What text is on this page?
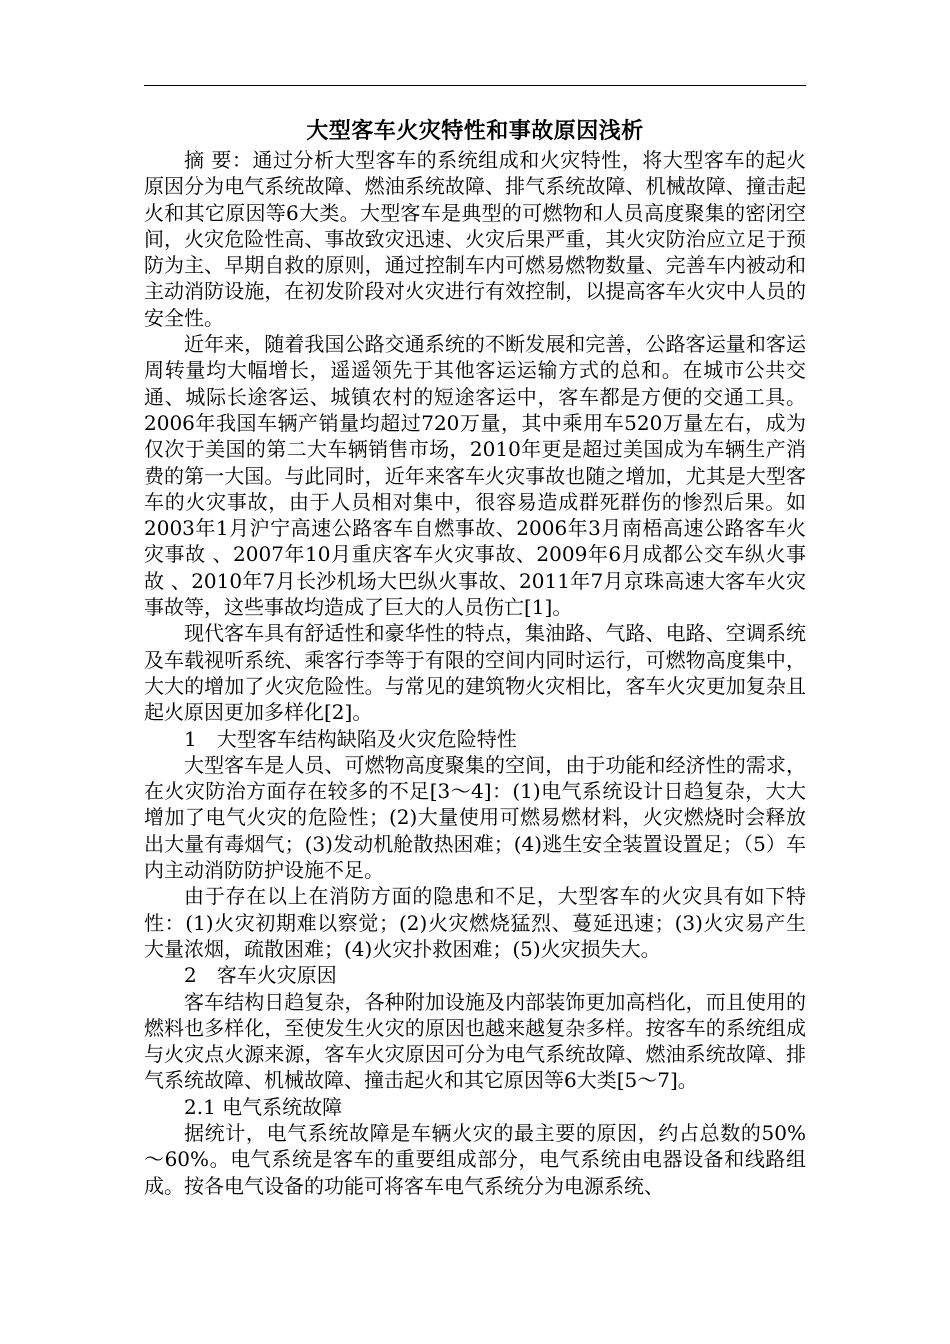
大型客车火灾特性和事故原因浅析

摘 要：通过分析大型客车的系统组成和火灾特性，将大型客车的起火原因分为电气系统故障、燃油系统故障、排气系统故障、机械故障、撞击起火和其它原因等6大类。大型客车是典型的可燃物和人员高度聚集的密闭空间，火灾危险性高、事故致灾迅速、火灾后果严重，其火灾防治应立足于预防为主、早期自救的原则，通过控制车内可燃易燃物数量、完善车内被动和主动消防设施，在初发阶段对火灾进行有效控制，以提高客车火灾中人员的安全性。

近年来，随着我国公路交通系统的不断发展和完善，公路客运量和客运周转量均大幅增长，遥遥领先于其他客运运输方式的总和。在城市公共交通、城际长途客运、城镇农村的短途客运中，客车都是方便的交通工具。2006年我国车辆产销量均超过720万量，其中乘用车520万量左右，成为仅次于美国的第二大车辆销售市场，2010年更是超过美国成为车辆生产消费的第一大国。与此同时，近年来客车火灾事故也随之增加，尤其是大型客车的火灾事故，由于人员相对集中，很容易造成群死群伤的惨烈后果。如2003年1月沪宁高速公路客车自燃事故、2006年3月南梧高速公路客车火灾事故 、2007年10月重庆客车火灾事故、2009年6月成都公交车纵火事故 、2010年7月长沙机场大巴纵火事故、2011年7月京珠高速大客车火灾事故等，这些事故均造成了巨大的人员伤亡[1]。

现代客车具有舒适性和豪华性的特点，集油路、气路、电路、空调系统及车载视听系统、乘客行李等于有限的空间内同时运行，可燃物高度集中，大大的增加了火灾危险性。与常见的建筑物火灾相比，客车火灾更加复杂且起火原因更加多样化[2]。

1　大型客车结构缺陷及火灾危险特性

大型客车是人员、可燃物高度聚集的空间，由于功能和经济性的需求，在火灾防治方面存在较多的不足[3～4]：(1)电气系统设计日趋复杂，大大增加了电气火灾的危险性；(2)大量使用可燃易燃材料，火灾燃烧时会释放出大量有毒烟气；(3)发动机舱散热困难；(4)逃生安全装置设置足；（5）车内主动消防防护设施不足。

由于存在以上在消防方面的隐患和不足，大型客车的火灾具有如下特性：(1)火灾初期难以察觉；(2)火灾燃烧猛烈、蔓延迅速；(3)火灾易产生大量浓烟，疏散困难；(4)火灾扑救困难；(5)火灾损失大。

2　客车火灾原因

客车结构日趋复杂，各种附加设施及内部装饰更加高档化，而且使用的燃料也多样化，至使发生火灾的原因也越来越复杂多样。按客车的系统组成与火灾点火源来源，客车火灾原因可分为电气系统故障、燃油系统故障、排气系统故障、机械故障、撞击起火和其它原因等6大类[5～7]。

2.1 电气系统故障

据统计，电气系统故障是车辆火灾的最主要的原因，约占总数的50%～60%。电气系统是客车的重要组成部分，电气系统由电器设备和线路组成。按各电气设备的功能可将客车电气系统分为电源系统、
